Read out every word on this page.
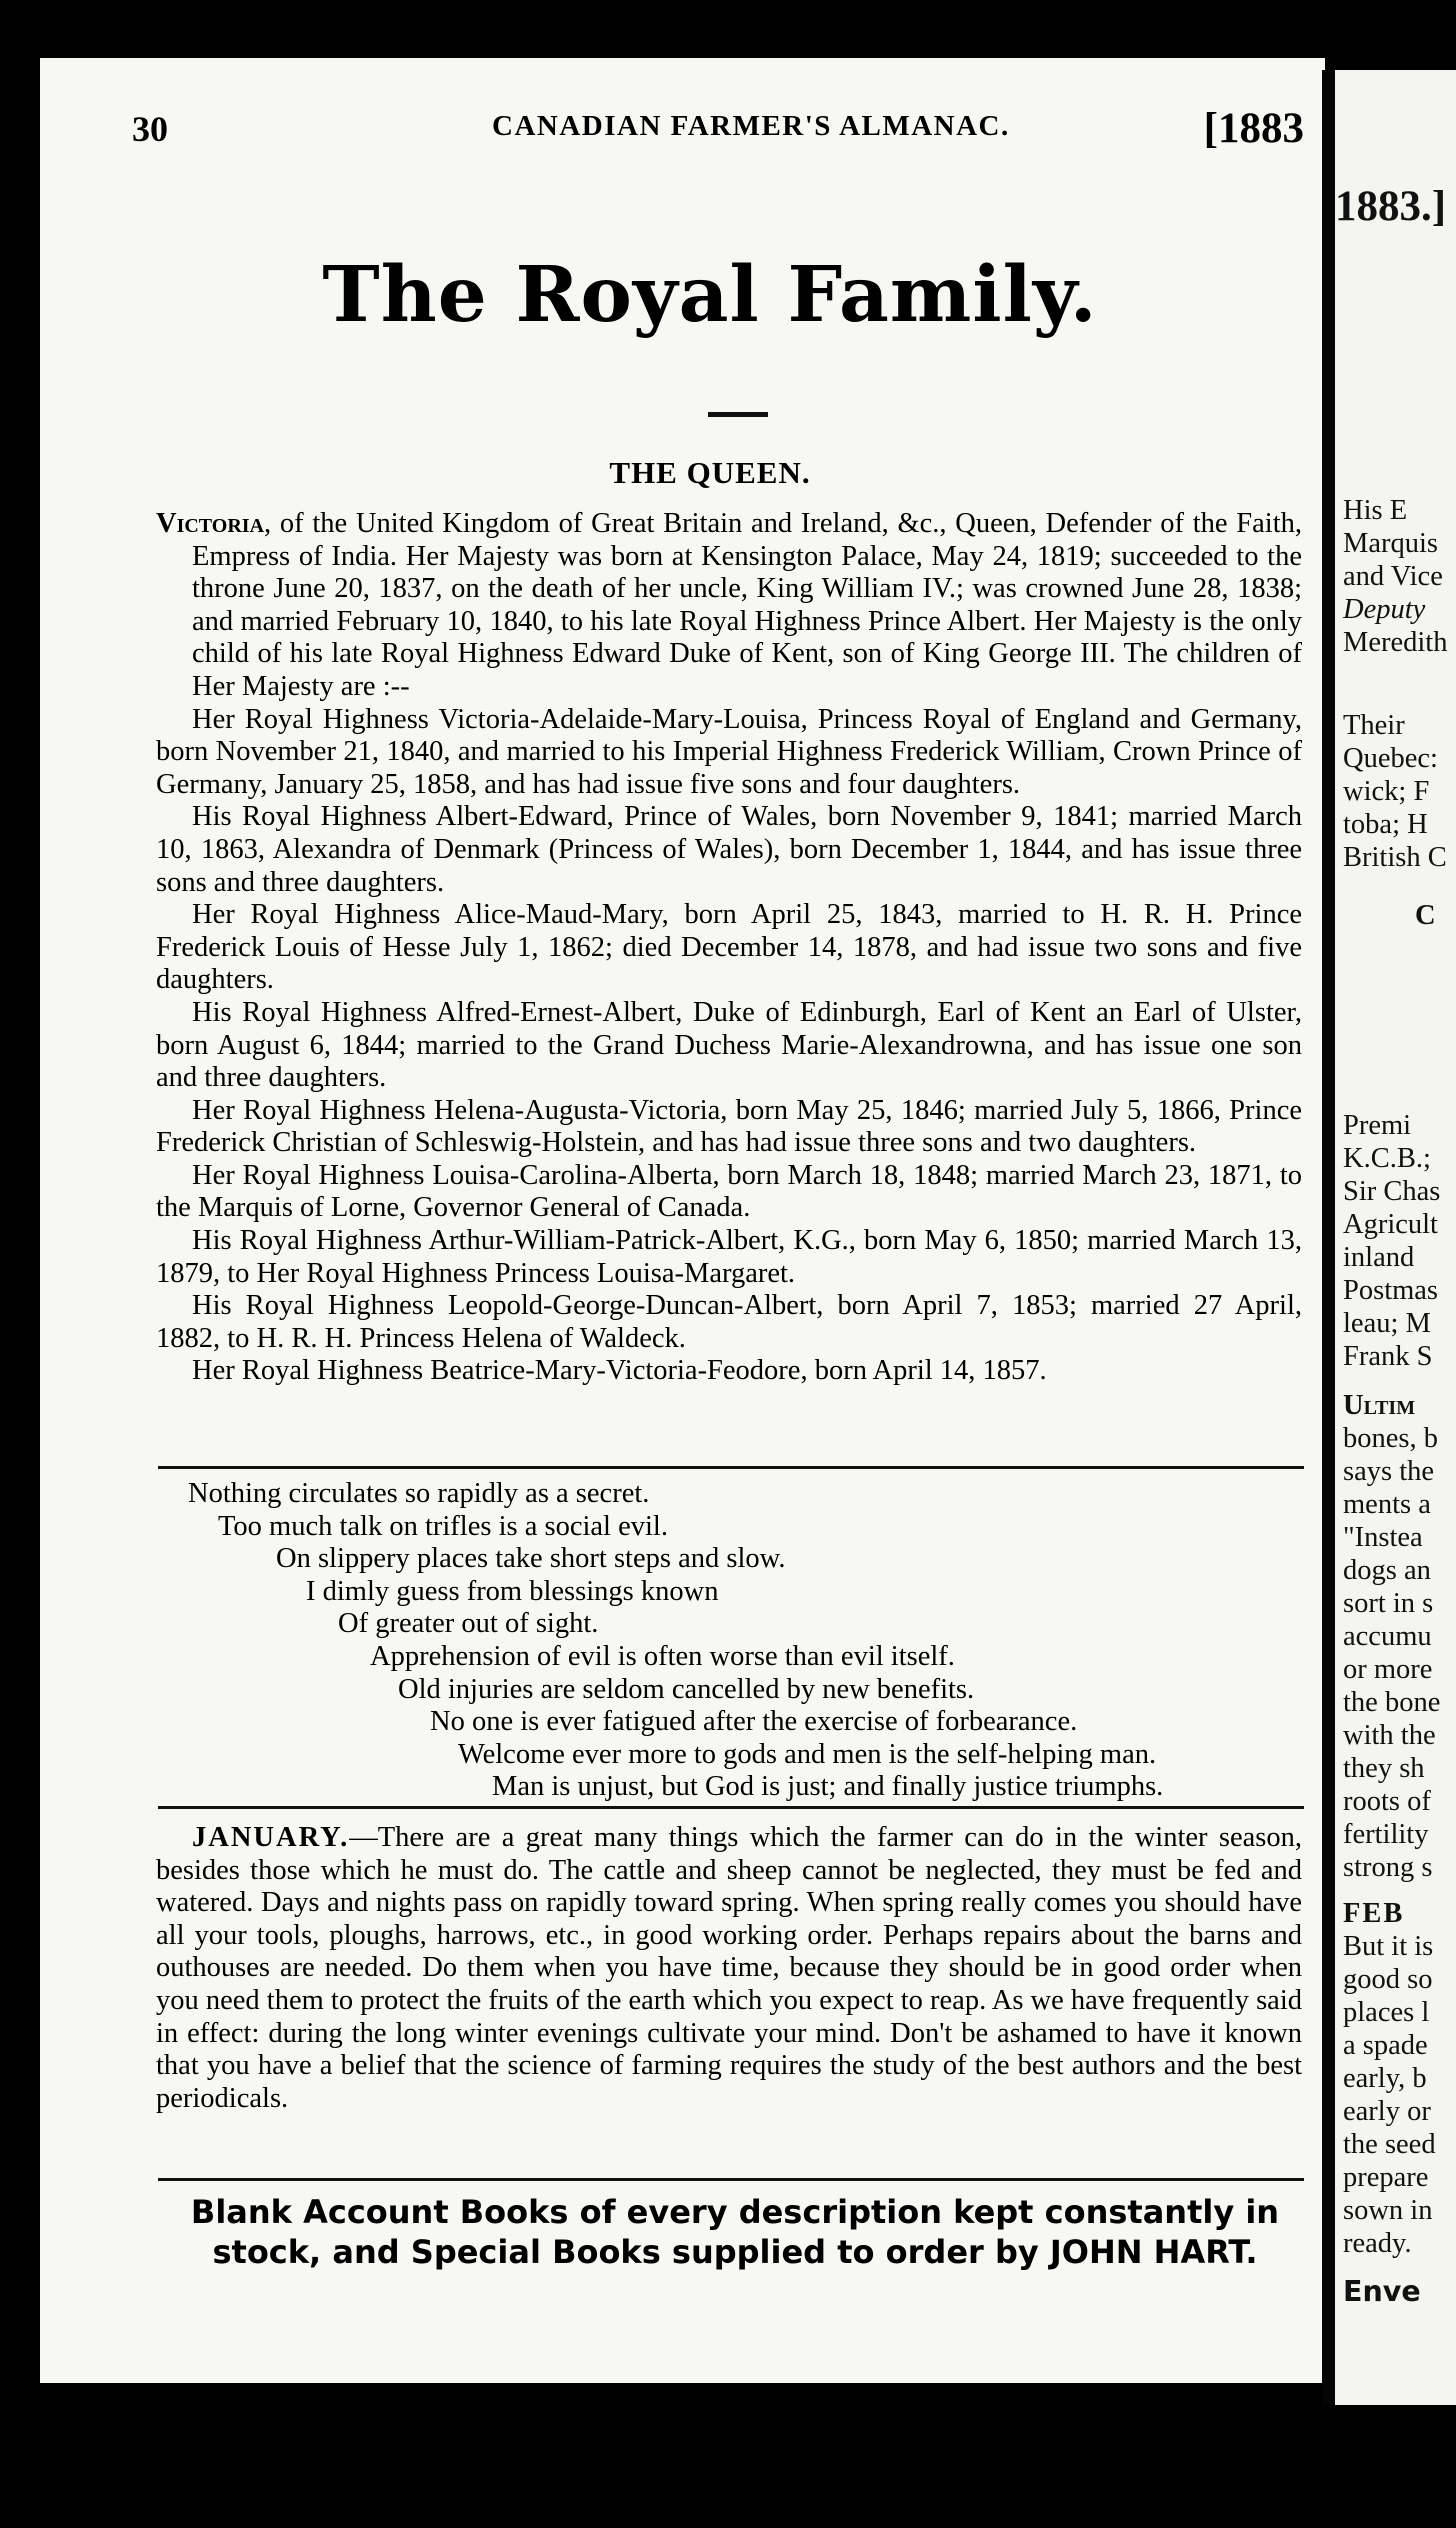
1883.]
His E
Marquis
and Vice
Deputy
Meredith
Their
Quebec:
wick; F
toba; H
British C
C
Premi
K.C.B.;
Sir Chas
Agricult
inland
Postmas
leau; M
Frank S
Ultim
bones, b
says the
ments a
"Instea
dogs an
sort in s
accumu
or more
the bone
with the
they sh
roots of
fertility
strong s
FEB
But it is
good so
places l
a spade
early, b
early or
the seed
prepare
sown in
ready.
Enve
30	CANADIAN FARMER'S ALMANAC.	[1883
The Royal Family.
THE QUEEN.

Victoria, of the United Kingdom of Great Britain and Ireland, &c., Queen, Defender of the Faith, Empress of India. Her Majesty was born at Kensington Palace, May 24, 1819; succeeded to the throne June 20, 1837, on the death of her uncle, King William IV.; was crowned June 28, 1838; and married February 10, 1840, to his late Royal Highness Prince Albert. Her Majesty is the only child of his late Royal Highness Edward Duke of Kent, son of King George III. The children of Her Majesty are :--

Her Royal Highness Victoria-Adelaide-Mary-Louisa, Princess Royal of England and Germany, born November 21, 1840, and married to his Imperial Highness Frederick William, Crown Prince of Germany, January 25, 1858, and has had issue five sons and four daughters.

His Royal Highness Albert-Edward, Prince of Wales, born November 9, 1841; married March 10, 1863, Alexandra of Denmark (Princess of Wales), born December 1, 1844, and has issue three sons and three daughters.

Her Royal Highness Alice-Maud-Mary, born April 25, 1843, married to H. R. H. Prince Frederick Louis of Hesse July 1, 1862; died December 14, 1878, and had issue two sons and five daughters.

His Royal Highness Alfred-Ernest-Albert, Duke of Edinburgh, Earl of Kent an Earl of Ulster, born August 6, 1844; married to the Grand Duchess Marie-Alexandrowna, and has issue one son and three daughters.

Her Royal Highness Helena-Augusta-Victoria, born May 25, 1846; married July 5, 1866, Prince Frederick Christian of Schleswig-Holstein, and has had issue three sons and two daughters.

Her Royal Highness Louisa-Carolina-Alberta, born March 18, 1848; married March 23, 1871, to the Marquis of Lorne, Governor General of Canada.

His Royal Highness Arthur-William-Patrick-Albert, K.G., born May 6, 1850; married March 13, 1879, to Her Royal Highness Princess Louisa-Margaret.

His Royal Highness Leopold-George-Duncan-Albert, born April 7, 1853; married 27 April, 1882, to H. R. H. Princess Helena of Waldeck.

Her Royal Highness Beatrice-Mary-Victoria-Feodore, born April 14, 1857.

Nothing circulates so rapidly as a secret.
Too much talk on trifles is a social evil.
On slippery places take short steps and slow.
I dimly guess from blessings known
Of greater out of sight.
Apprehension of evil is often worse than evil itself.
Old injuries are seldom cancelled by new benefits.
No one is ever fatigued after the exercise of forbearance.
Welcome ever more to gods and men is the self-helping man.
Man is unjust, but God is just; and finally justice triumphs.

JANUARY.—There are a great many things which the farmer can do in the winter season, besides those which he must do. The cattle and sheep cannot be neglected, they must be fed and watered. Days and nights pass on rapidly toward spring. When spring really comes you should have all your tools, ploughs, harrows, etc., in good working order. Perhaps repairs about the barns and outhouses are needed. Do them when you have time, because they should be in good order when you need them to protect the fruits of the earth which you expect to reap. As we have frequently said in effect: during the long winter evenings cultivate your mind. Don't be ashamed to have it known that you have a belief that the science of farming requires the study of the best authors and the best periodicals.

Blank Account Books of every description kept constantly in
stock, and Special Books supplied to order by JOHN HART.
